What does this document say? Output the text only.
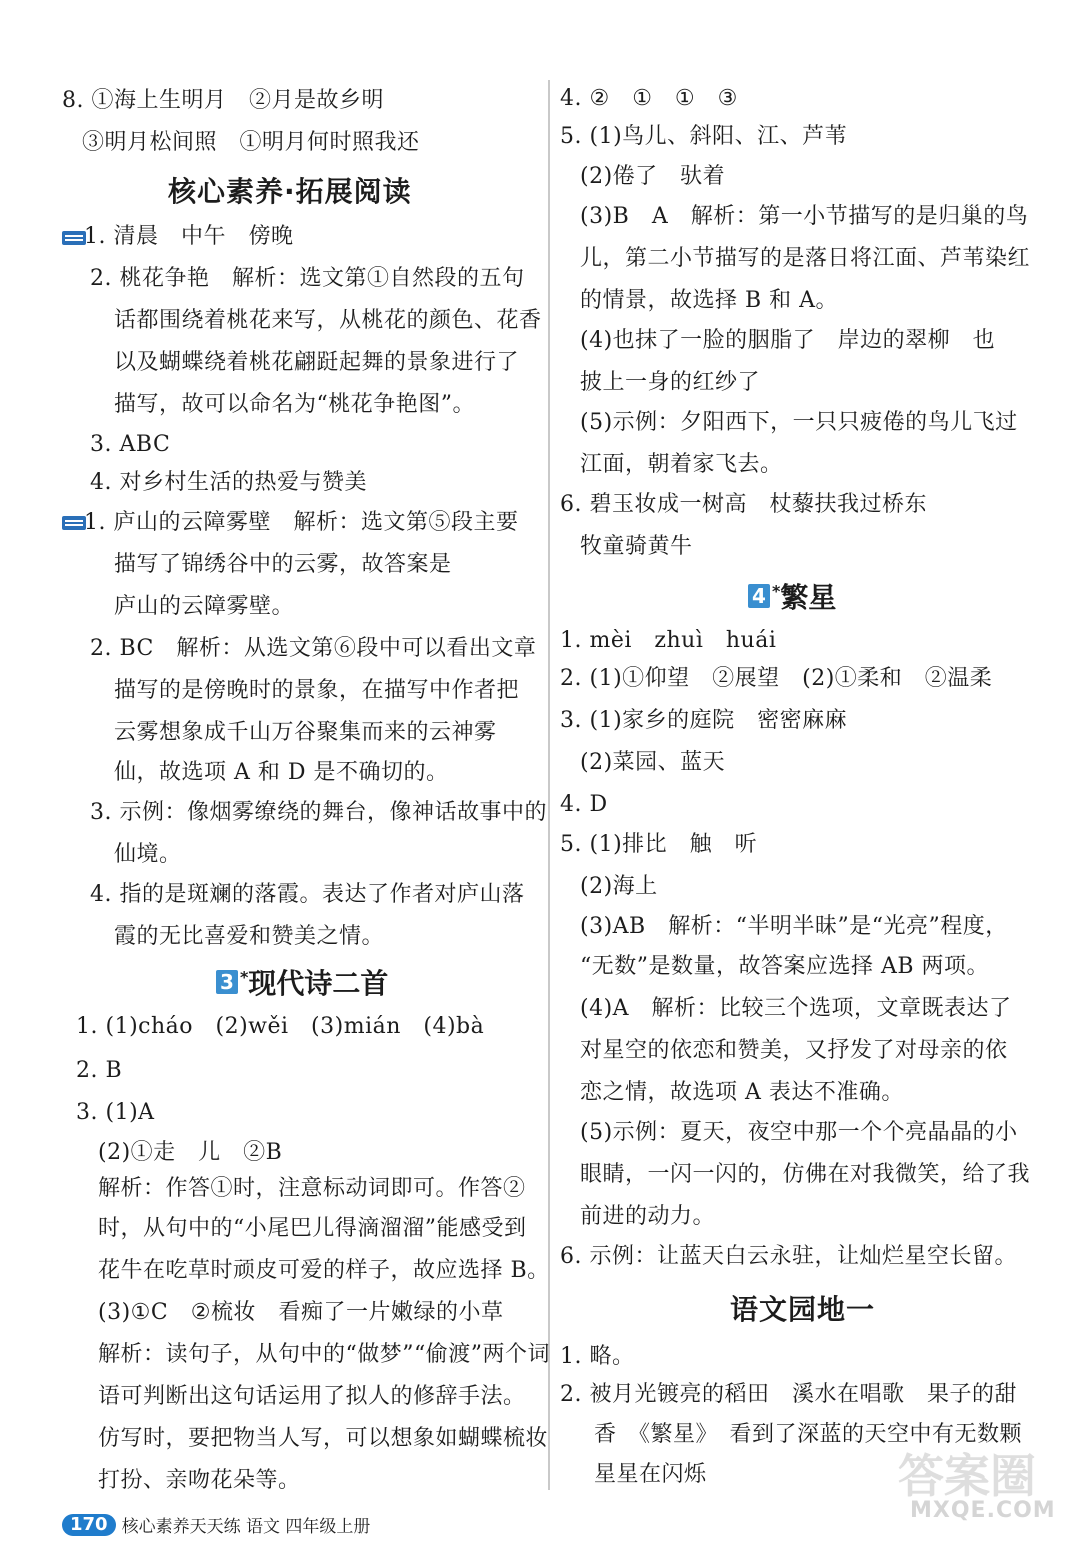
8. ①海上生明月　②月是故乡明
③明月松间照　①明月何时照我还
核心素养·拓展阅读
1. 清晨　中午　傍晚
2. 桃花争艳　解析：选文第①自然段的五句
话都围绕着桃花来写，从桃花的颜色、花香
以及蝴蝶绕着桃花翩跹起舞的景象进行了
描写，故可以命名为“桃花争艳图”。
3. ABC
4. 对乡村生活的热爱与赞美
1. 庐山的云障雾壁　解析：选文第⑤段主要
描写了锦绣谷中的云雾，故答案是
庐山的云障雾壁。
2. BC　解析：从选文第⑥段中可以看出文章
描写的是傍晚时的景象，在描写中作者把
云雾想象成千山万谷聚集而来的云神雾
仙，故选项 A 和 D 是不确切的。
3. 示例：像烟雾缭绕的舞台，像神话故事中的
仙境。
4. 指的是斑斓的落霞。表达了作者对庐山落
霞的无比喜爱和赞美之情。
3 *现代诗二首
1. (1)cháo　(2)wěi　(3)mián　(4)bà
2. B
3. (1)A
(2)①走　儿　②B
解析：作答①时，注意标动词即可。作答②
时，从句中的“小尾巴儿得滴溜溜”能感受到
花牛在吃草时顽皮可爱的样子，故应选择 B。
(3)①C　②梳妆　看痴了一片嫩绿的小草
解析：读句子，从句中的“做梦”“偷渡”两个词
语可判断出这句话运用了拟人的修辞手法。
仿写时，要把物当人写，可以想象如蝴蝶梳妆
打扮、亲吻花朵等。
4. ②　①　①　③
5. (1)鸟儿、斜阳、江、芦苇
(2)倦了　驮着
(3)B　A　解析：第一小节描写的是归巢的鸟
儿，第二小节描写的是落日将江面、芦苇染红
的情景，故选择 B 和 A。
(4)也抹了一脸的胭脂了　岸边的翠柳　也
披上一身的红纱了
(5)示例：夕阳西下，一只只疲倦的鸟儿飞过
江面，朝着家飞去。
6. 碧玉妆成一树高　杖藜扶我过桥东
牧童骑黄牛
4 *繁星
1. mèi　zhuì　huái
2. (1)①仰望　②展望　(2)①柔和　②温柔
3. (1)家乡的庭院　密密麻麻
(2)菜园、蓝天
4. D
5. (1)排比　触　听
(2)海上
(3)AB　解析：“半明半昧”是“光亮”程度，
“无数”是数量，故答案应选择 AB 两项。
(4)A　解析：比较三个选项，文章既表达了
对星空的依恋和赞美，又抒发了对母亲的依
恋之情，故选项 A 表达不准确。
(5)示例：夏天，夜空中那一个个亮晶晶的小
眼睛，一闪一闪的，仿佛在对我微笑，给了我
前进的动力。
6. 示例：让蓝天白云永驻，让灿烂星空长留。
语文园地一
1. 略。
2. 被月光镀亮的稻田　溪水在唱歌　果子的甜
香　《繁星》　看到了深蓝的天空中有无数颗
星星在闪烁
170 核心素养天天练 语文 四年级上册
答案圈
MXQE.COM
